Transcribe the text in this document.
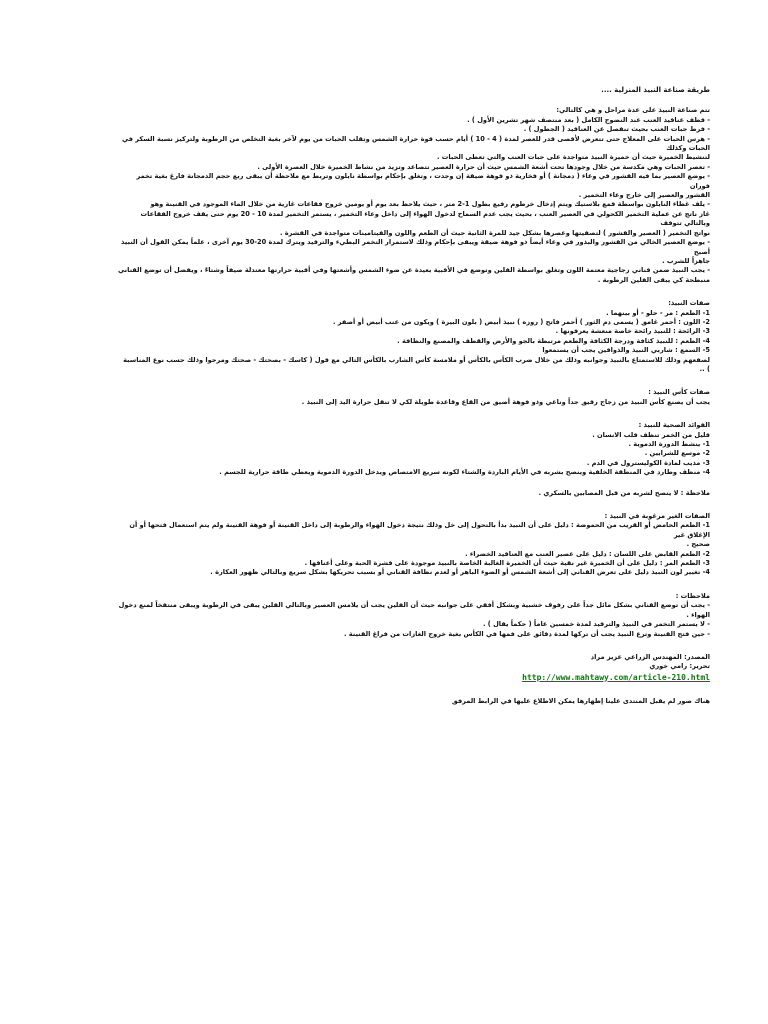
طريقة صناعة النبيذ المنزلية ....

تتم صناعة النبيذ على عدة مراحل و هي كالتالي:

- قطف عناقيد العنب عند النضوج الكامل ( بعد منتصف شهر تشرين الأول ) .

- فرط حبات العنب بحيث تنفصل عن العناقيد ( الجطول ) .

- هرس الحبات على المعلاج حتى تتعرض لأقصى قدر للعصر لمدة ( 4 - 10 ) أيام حسب قوة حرارة الشمس وتقلب الحبات من يوم لآخر بغية التخلص من الرطوبة ولتركيز نسبة السكر في الحبات وكذلك

لتنشيط الخميرة حيث أن خميرة النبيذ متواجدة على حبات العنب والتي تعطى الحبات .

- تعصر الحبات وهي مكدسة من خلال وجودها تحت أشعة الشمس حيث أن حرارة العصير تتصاعد وتزيد من نشاط الخميرة خلال العصرة الأولى .

- يوضع العصير بما فيه القشور في وعاء ( دمجانة ) أو فخارية ذو فوهة ضيقة إن وجدت ، وتغلق بإحكام بواسطة نايلون وتربط مع ملاحظة أن يبقى ربع حجم الدمجانة فارغ بغية تخمر فوران

القشور والعصير إلى خارج وعاء التخمير .

- يلف غطاء النايلون بواسطة قمع بلاستيك ويتم إدخال خرطوم رفيع بطول 1-2 متر ، حيث يلاحظ بعد يوم أو يومين خروج فقاعات غازية من خلال الماء الموجود في القنينة وهو

غاز ناتج عن عملية التخمير الكحولي في العصير العنب ، بحيث يجب عدم السماح لدخول الهواء إلى داخل وعاء التخمير ، يستمر التخمير لمدة 10 - 20 يوم حتى يقف خروج الفقاعات وبالتالي تتوقف

نواتج التخمير ( العصير والقشور ) لتصفيتها وعصرها بشكل جيد للمرة الثانية حيث أن الطعم واللون والفيتامينات متواجدة في القشرة .

- يوضع العصير الخالي من القشور والبذور في وعاء أيضاً ذو فوهة ضيقة ويبقى بإحكام وذلك لاستمرار التخمر البطيء والترقيد ويترك لمدة 20-30 يوم آخرى ، علماً يمكن القول أن النبيذ أصبح

جاهزاً للشرب .

- يجب النبيذ ضمن قناني زجاجية معتمة اللون وتغلق بواسطة الفلين وتوضع في الأقبية بعيدة عن ضوء الشمس وأشعتها وفي أقبية حرارتها معتدلة صيفاً وشتاءً ، ويفضل أن توضع القناني

منبطحة كي يبقى الفلين الرطوبة .

صفات النبيذ:

1- الطعم : مر - حلو - أو بينهما .

2- اللون : أحمر غامق ( يسمى دم الثور ) أحمر فاتح ( روزه ) نبيذ أبيض ( بلون البيرة ) ويكون من عنب أبيض أو أصفر .

3- الرائحة : للنبيذ رائحة خاصة منعشة يعرفونها .

4- الطعم : للنبيذ كثافة ودرجة الكثافة والطعم مرتبطة بالجو والأرض والقطف والمصنع والنظافة .

5- السمع : شاربي النبيذ والذواقين يجب أن يستمعوا

لصفعهم وذلك للاستمتاع بالنبيذ وجوانبه وذلك من خلال ضرب الكأس بالكأس أو ملامسة كأس الشارب بالكأس التالي مع قول ( كاسك - بصحتك - صحتك ومرحوا وذلك حسب نوع المناسبة ) ..

صفات كأس النبيذ :

يجب أن يصنع كأس النبيذ من زجاج رقيق جداً وناعي وذو فوهة أضيق من القاع وقاعدة طويلة لكي لا تنقل حرارة اليد إلى النبيذ .

الفوائد الصحية للنبيذ :

قليل من الخمر تنظف قلب الانسان .

1- ينشط الدورة الدموية .

2- موسع للشرايين .

3- مذيب لمادة الكوليسترول في الدم .

4- منظف وطارد في المنطقة الخلفية وينصح بشربه في الأيام الباردة والشتاء لكونه سريع الامتصاص ويدخل الدورة الدموية ويعطي طاقة حرارية للجسم .

ملاحظة : لا ينصح لشربه من قبل المصابين بالسكري .

الصفات الغير مرغوبة في النبيذ :

1- الطعم الحامض أو القريب من الحموضة : دليل على أن النبيذ بدأ بالتحول إلى خل وذلك نتيجة دخول الهواء والرطوبة إلى داخل القنينة أو فوهة القنينة ولم يتم استعمال فتحها أو أن الإغلاق غير

صحيح .

2- الطعم القابض على اللسان : دليل على عصير العنب مع العناقيد الخضراء .

3- الطعم المر : دليل على أن الخميرة غير نقية حيث أن الخميرة الغالبة الخاصة بالنبيذ موجودة على قشرة الحبة وعلى أعناقها .

4- تغيير لون النبيذ دليل على تعرض القناني إلى أشعة الشمس أو الضوء الباهر أو لعدم نظافة القناني أو بسبب تحريكها بشكل سريع وبالتالي ظهور العكارة .

ملاحظات :

- يجب أن توضع القناني بشكل مائل جداً على رفوف خشبية وبشكل أفقي على جوانبه حيث أن الفلين يجب أن يلامس العصير وبالتالي الفلين يبقى في الرطوبة ويبقى منتفخاً لمنع دخول

الهواء .

- لا يستمر التخمر في النبيذ والترقيد لمدة خمسين عاماً ( حكماً يقال ) .

- حين فتح القنينة وترع النبيذ يجب أن تركها لمدة دقائق على فمها في الكأس بغية خروج الغازات من فراغ القنينة .

المصدر: المهندس الزراعي عزيز مراد

تحرير: رامي خوري

http://www.mahtawy.com/article-210.html

هناك صور لم يقبل المنتدى علينا إظهارها يمكن الاطلاع عليها في الرابط المرفق
